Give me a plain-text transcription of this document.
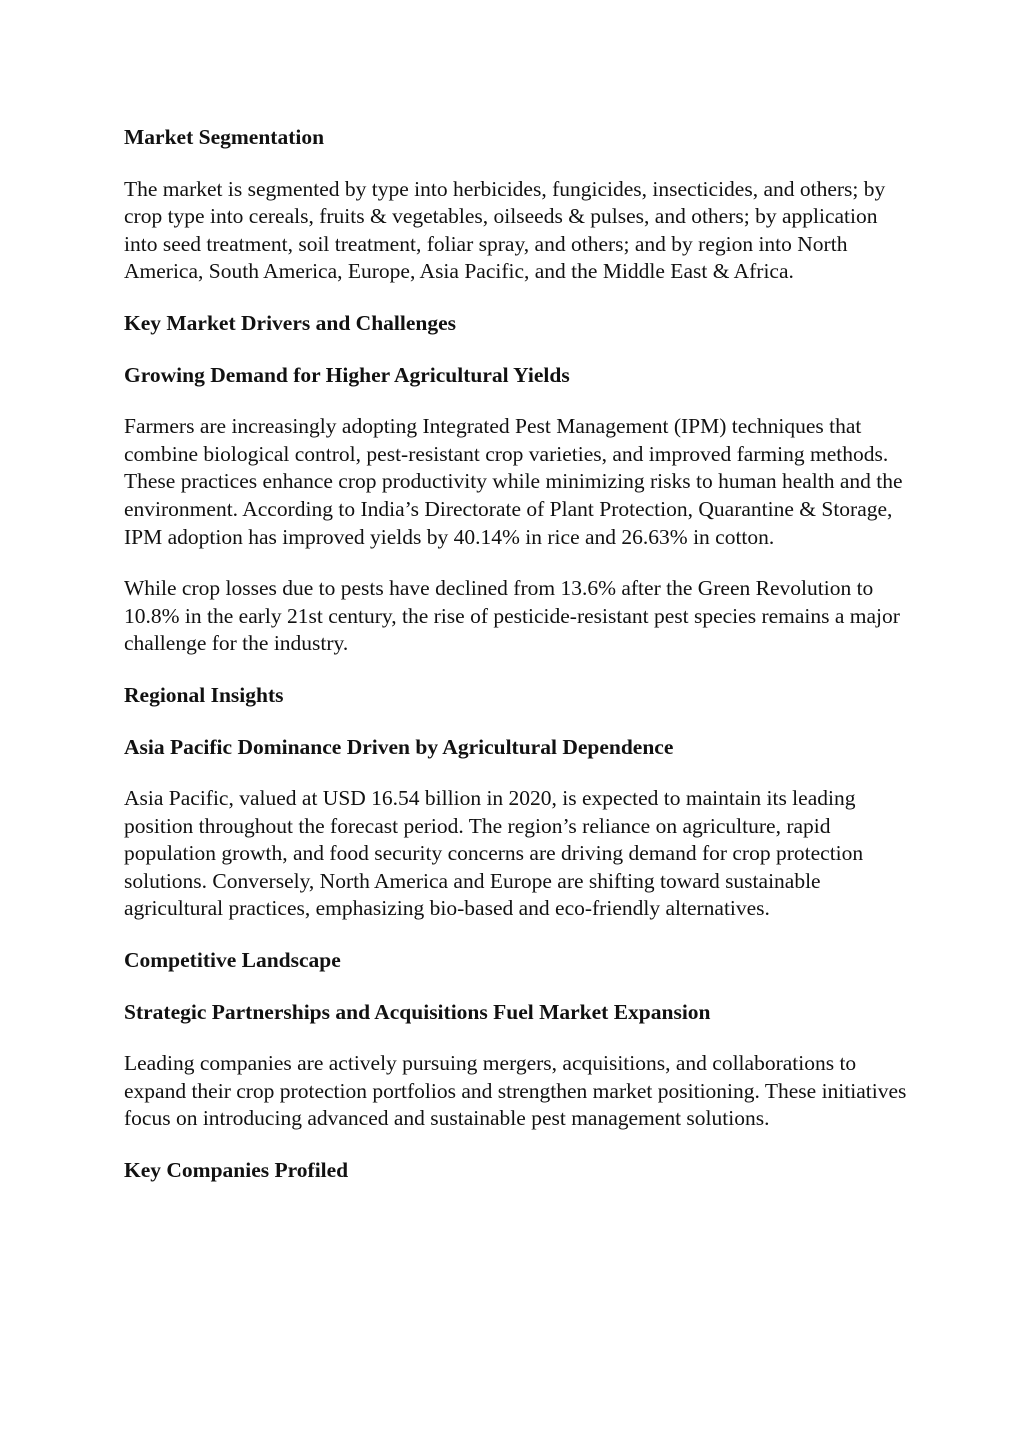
Market Segmentation

The market is segmented by type into herbicides, fungicides, insecticides, and others; by crop type into cereals, fruits & vegetables, oilseeds & pulses, and others; by application into seed treatment, soil treatment, foliar spray, and others; and by region into North America, South America, Europe, Asia Pacific, and the Middle East & Africa.

Key Market Drivers and Challenges
Growing Demand for Higher Agricultural Yields

Farmers are increasingly adopting Integrated Pest Management (IPM) techniques that combine biological control, pest-resistant crop varieties, and improved farming methods. These practices enhance crop productivity while minimizing risks to human health and the environment. According to India’s Directorate of Plant Protection, Quarantine & Storage, IPM adoption has improved yields by 40.14% in rice and 26.63% in cotton.

While crop losses due to pests have declined from 13.6% after the Green Revolution to 10.8% in the early 21st century, the rise of pesticide-resistant pest species remains a major challenge for the industry.

Regional Insights
Asia Pacific Dominance Driven by Agricultural Dependence

Asia Pacific, valued at USD 16.54 billion in 2020, is expected to maintain its leading position throughout the forecast period. The region’s reliance on agriculture, rapid population growth, and food security concerns are driving demand for crop protection solutions. Conversely, North America and Europe are shifting toward sustainable agricultural practices, emphasizing bio-based and eco-friendly alternatives.

Competitive Landscape
Strategic Partnerships and Acquisitions Fuel Market Expansion

Leading companies are actively pursuing mergers, acquisitions, and collaborations to expand their crop protection portfolios and strengthen market positioning. These initiatives focus on introducing advanced and sustainable pest management solutions.

Key Companies Profiled
